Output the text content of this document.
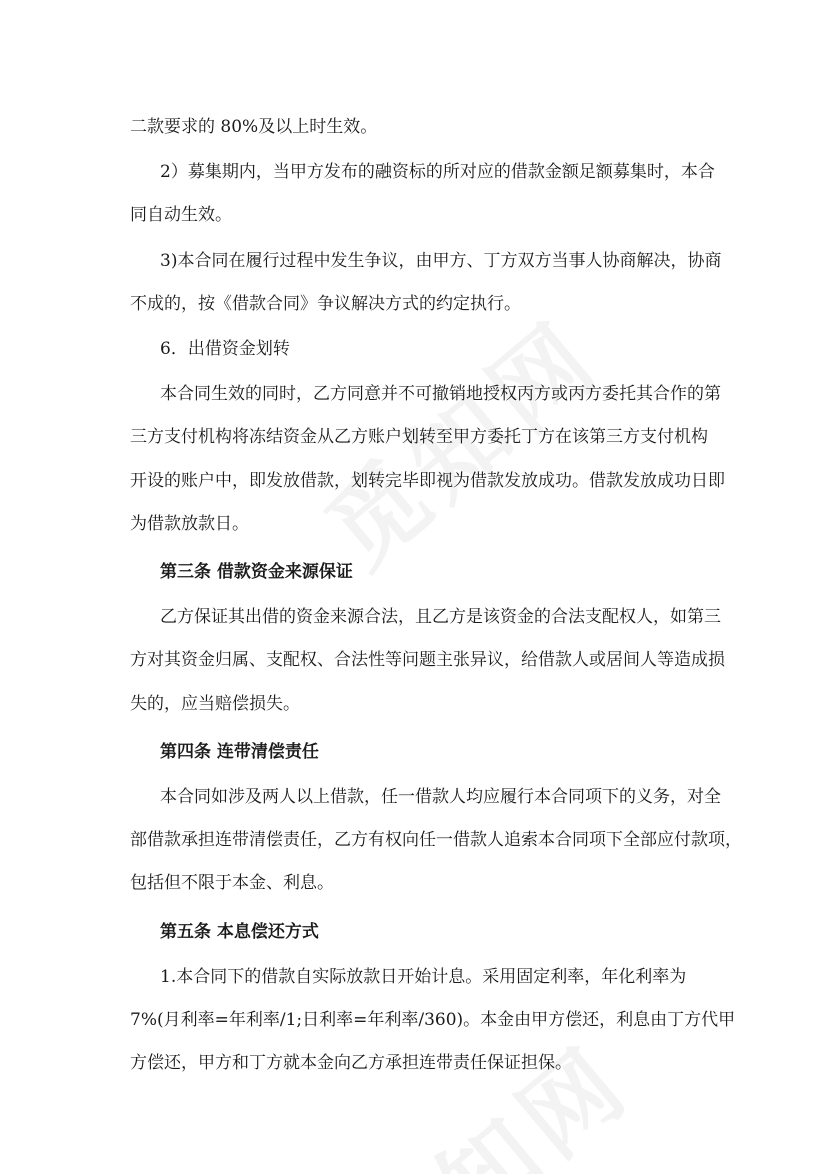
二款要求的 80%及以上时生效。

2）募集期内，当甲方发布的融资标的所对应的借款金额足额募集时，本合

同自动生效。

3)本合同在履行过程中发生争议，由甲方、丁方双方当事人协商解决，协商

不成的，按《借款合同》争议解决方式的约定执行。

6．出借资金划转

本合同生效的同时，乙方同意并不可撤销地授权丙方或丙方委托其合作的第

三方支付机构将冻结资金从乙方账户划转至甲方委托丁方在该第三方支付机构

开设的账户中，即发放借款，划转完毕即视为借款发放成功。借款发放成功日即

为借款放款日。

第三条 借款资金来源保证

乙方保证其出借的资金来源合法，且乙方是该资金的合法支配权人，如第三

方对其资金归属、支配权、合法性等问题主张异议，给借款人或居间人等造成损

失的，应当赔偿损失。

第四条 连带清偿责任

本合同如涉及两人以上借款，任一借款人均应履行本合同项下的义务，对全

部借款承担连带清偿责任，乙方有权向任一借款人追索本合同项下全部应付款项，

包括但不限于本金、利息。

第五条 本息偿还方式

1.本合同下的借款自实际放款日开始计息。采用固定利率，年化利率为

7%(月利率=年利率/1;日利率=年利率/360)。本金由甲方偿还，利息由丁方代甲

方偿还，甲方和丁方就本金向乙方承担连带责任保证担保。
